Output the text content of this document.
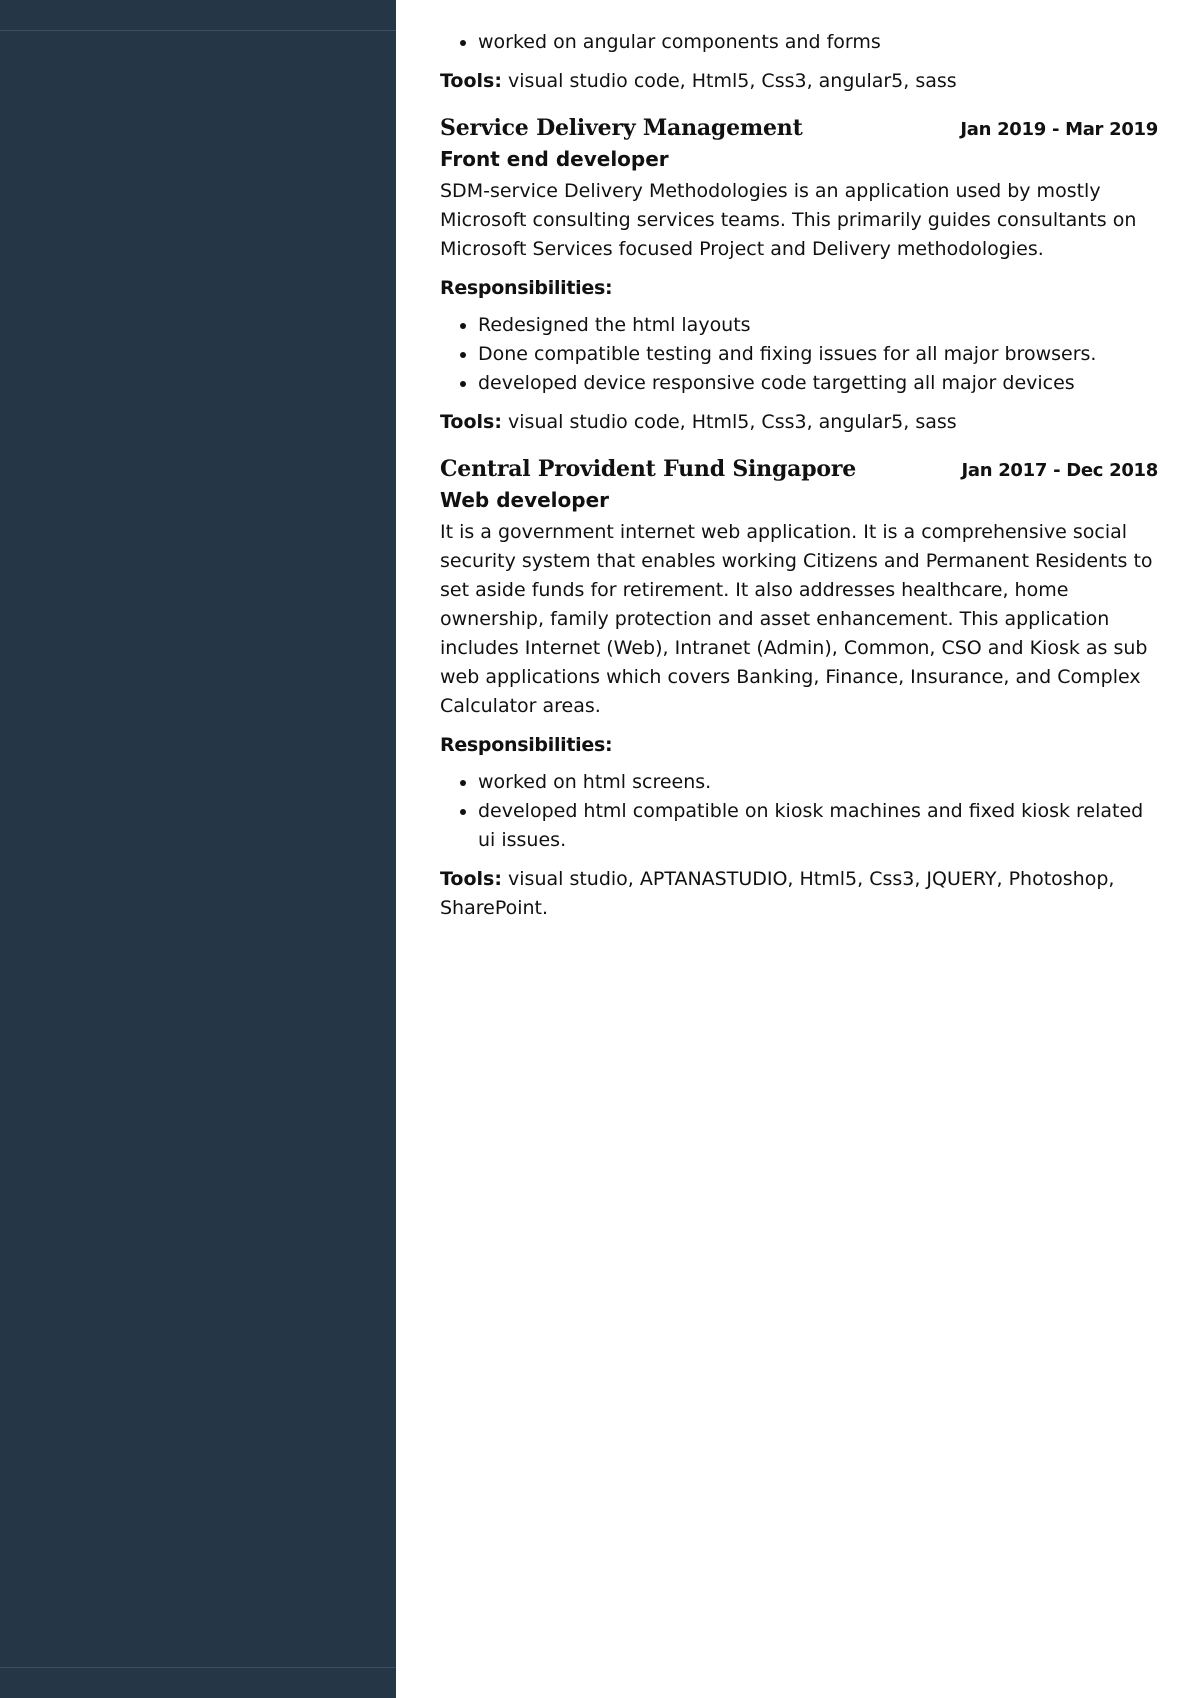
• worked on angular components and forms

Tools: visual studio code, Html5, Css3, angular5, sass

Service Delivery Management	Jan 2019 - Mar 2019
Front end developer

SDM-service Delivery Methodologies is an application used by mostly Microsoft consulting services teams. This primarily guides consultants on Microsoft Services focused Project and Delivery methodologies.

Responsibilities:
• Redesigned the html layouts
• Done compatible testing and fixing issues for all major browsers.
• developed device responsive code targetting all major devices

Tools: visual studio code, Html5, Css3, angular5, sass

Central Provident Fund Singapore	Jan 2017 - Dec 2018
Web developer

It is a government internet web application. It is a comprehensive social security system that enables working Citizens and Permanent Residents to set aside funds for retirement. It also addresses healthcare, home ownership, family protection and asset enhancement. This application includes Internet (Web), Intranet (Admin), Common, CSO and Kiosk as sub web applications which covers Banking, Finance, Insurance, and Complex Calculator areas.

Responsibilities:
• worked on html screens.
• developed html compatible on kiosk machines and fixed kiosk related ui issues.

Tools: visual studio, APTANASTUDIO, Html5, Css3, JQUERY, Photoshop, SharePoint.
